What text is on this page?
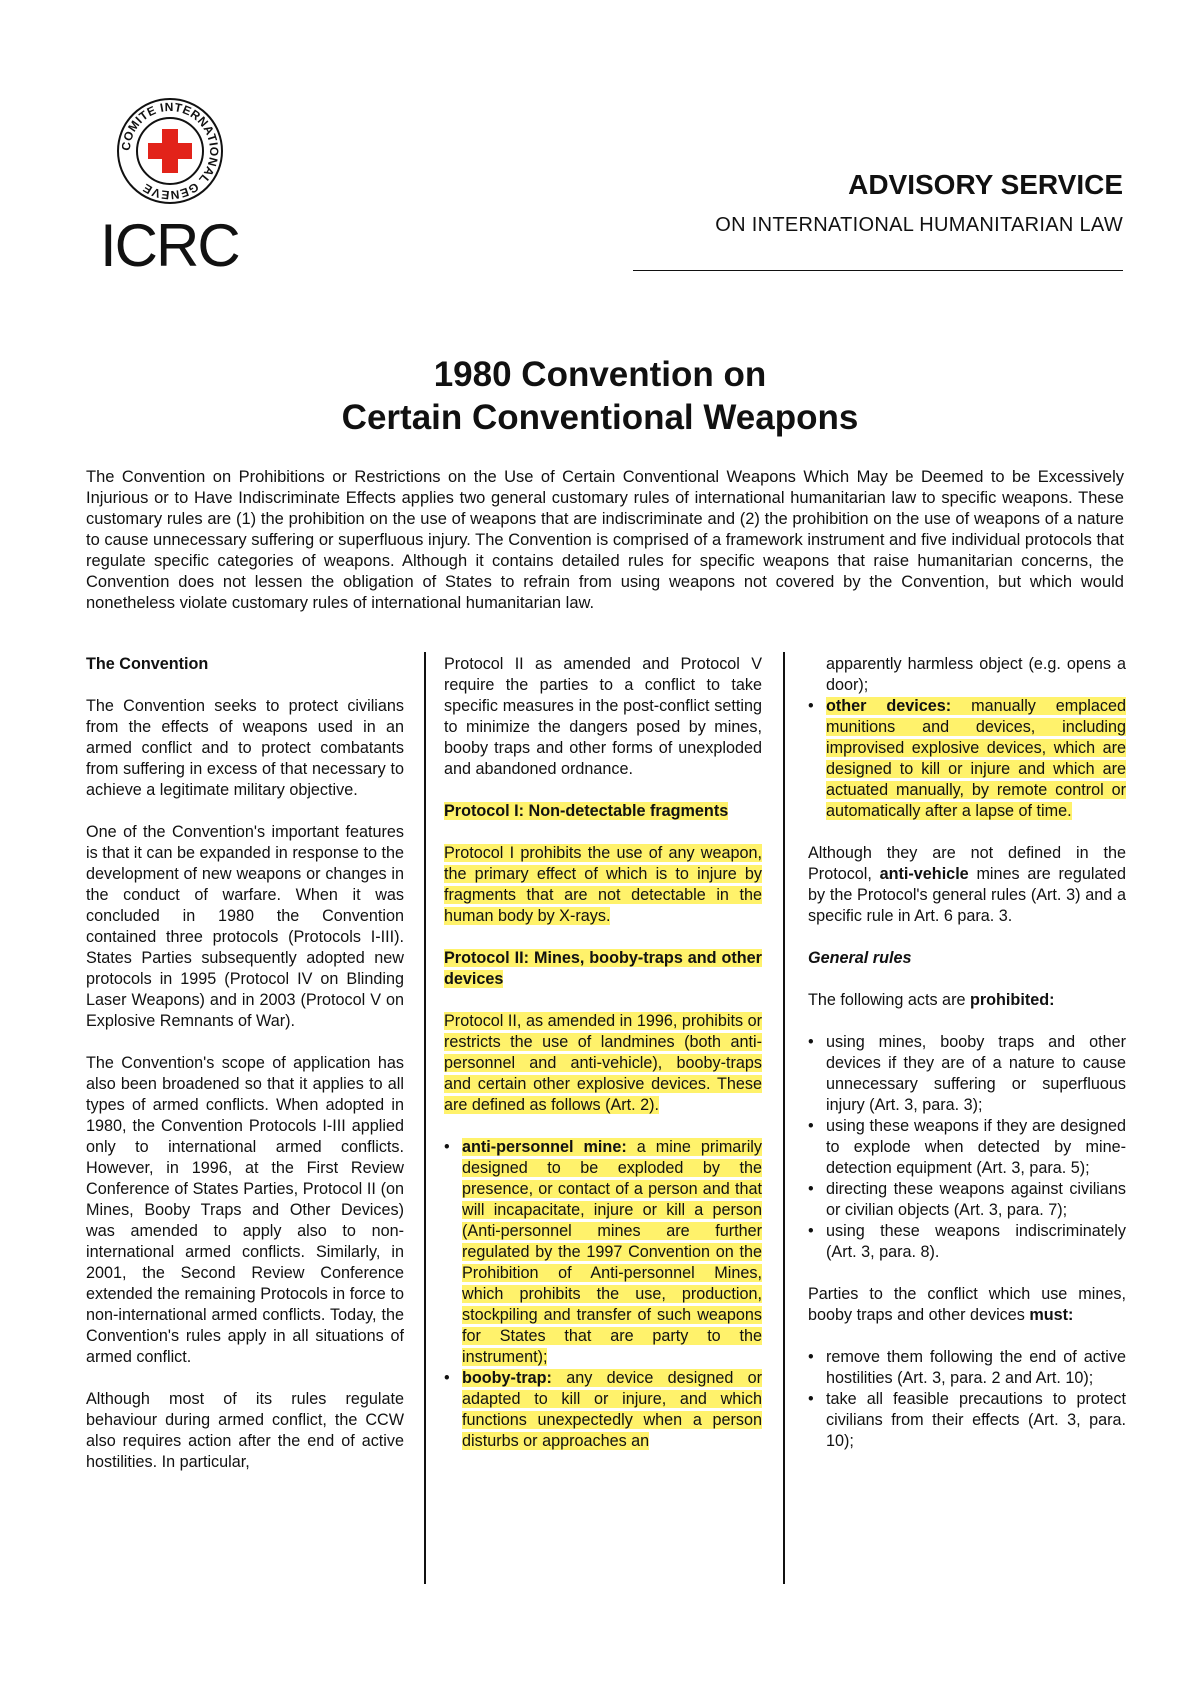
COMITE INTERNATIONAL GENEVE
ICRC
ADVISORY SERVICE
ON INTERNATIONAL HUMANITARIAN LAW
1980 Convention on
Certain Conventional Weapons
The Convention on Prohibitions or Restrictions on the Use of Certain Conventional Weapons Which May be Deemed to be Excessively Injurious or to Have Indiscriminate Effects applies two general customary rules of international humanitarian law to specific weapons. These customary rules are (1) the prohibition on the use of weapons that are indiscriminate and (2) the prohibition on the use of weapons of a nature to cause unnecessary suffering or superfluous injury. The Convention is comprised of a framework instrument and five individual protocols that regulate specific categories of weapons. Although it contains detailed rules for specific weapons that raise humanitarian concerns, the Convention does not lessen the obligation of States to refrain from using weapons not covered by the Convention, but which would nonetheless violate customary rules of international humanitarian law.
The Convention

The Convention seeks to protect civilians from the effects of weapons used in an armed conflict and to protect combatants from suffering in excess of that necessary to achieve a legitimate military objective.

One of the Convention's important features is that it can be expanded in response to the development of new weapons or changes in the conduct of warfare. When it was concluded in 1980 the Convention contained three protocols (Protocols I-III). States Parties subsequently adopted new protocols in 1995 (Protocol IV on Blinding Laser Weapons) and in 2003 (Protocol V on Explosive Remnants of War).

The Convention's scope of application has also been broadened so that it applies to all types of armed conflicts. When adopted in 1980, the Convention Protocols I-III applied only to international armed conflicts. However, in 1996, at the First Review Conference of States Parties, Protocol II (on Mines, Booby Traps and Other Devices) was amended to apply also to non-international armed conflicts. Similarly, in 2001, the Second Review Conference extended the remaining Protocols in force to non-international armed conflicts. Today, the Convention's rules apply in all situations of armed conflict.

Although most of its rules regulate behaviour during armed conflict, the CCW also requires action after the end of active hostilities. In particular,

Protocol II as amended and Protocol V require the parties to a conflict to take specific measures in the post-conflict setting to minimize the dangers posed by mines, booby traps and other forms of unexploded and abandoned ordnance.

Protocol I: Non-detectable fragments

Protocol I prohibits the use of any weapon, the primary effect of which is to injure by fragments that are not detectable in the human body by X-rays.

Protocol II: Mines, booby-traps and other devices

Protocol II, as amended in 1996, prohibits or restricts the use of landmines (both anti-personnel and anti-vehicle), booby-traps and certain other explosive devices. These are defined as follows (Art. 2).

• anti-personnel mine: a mine primarily designed to be exploded by the presence, or contact of a person and that will incapacitate, injure or kill a person (Anti-personnel mines are further regulated by the 1997 Convention on the Prohibition of Anti-personnel Mines, which prohibits the use, production, stockpiling and transfer of such weapons for States that are party to the instrument);
• booby-trap: any device designed or adapted to kill or injure, and which functions unexpectedly when a person disturbs or approaches an
apparently harmless object (e.g. opens a door);
• other devices: manually emplaced munitions and devices, including improvised explosive devices, which are designed to kill or injure and which are actuated manually, by remote control or automatically after a lapse of time.

Although they are not defined in the Protocol, anti-vehicle mines are regulated by the Protocol's general rules (Art. 3) and a specific rule in Art. 6 para. 3.

General rules

The following acts are prohibited:

• using mines, booby traps and other devices if they are of a nature to cause unnecessary suffering or superfluous injury (Art. 3, para. 3);
• using these weapons if they are designed to explode when detected by mine-detection equipment (Art. 3, para. 5);
• directing these weapons against civilians or civilian objects (Art. 3, para. 7);
• using these weapons indiscriminately (Art. 3, para. 8).

Parties to the conflict which use mines, booby traps and other devices must:

• remove them following the end of active hostilities (Art. 3, para. 2 and Art. 10);
• take all feasible precautions to protect civilians from their effects (Art. 3, para. 10);
